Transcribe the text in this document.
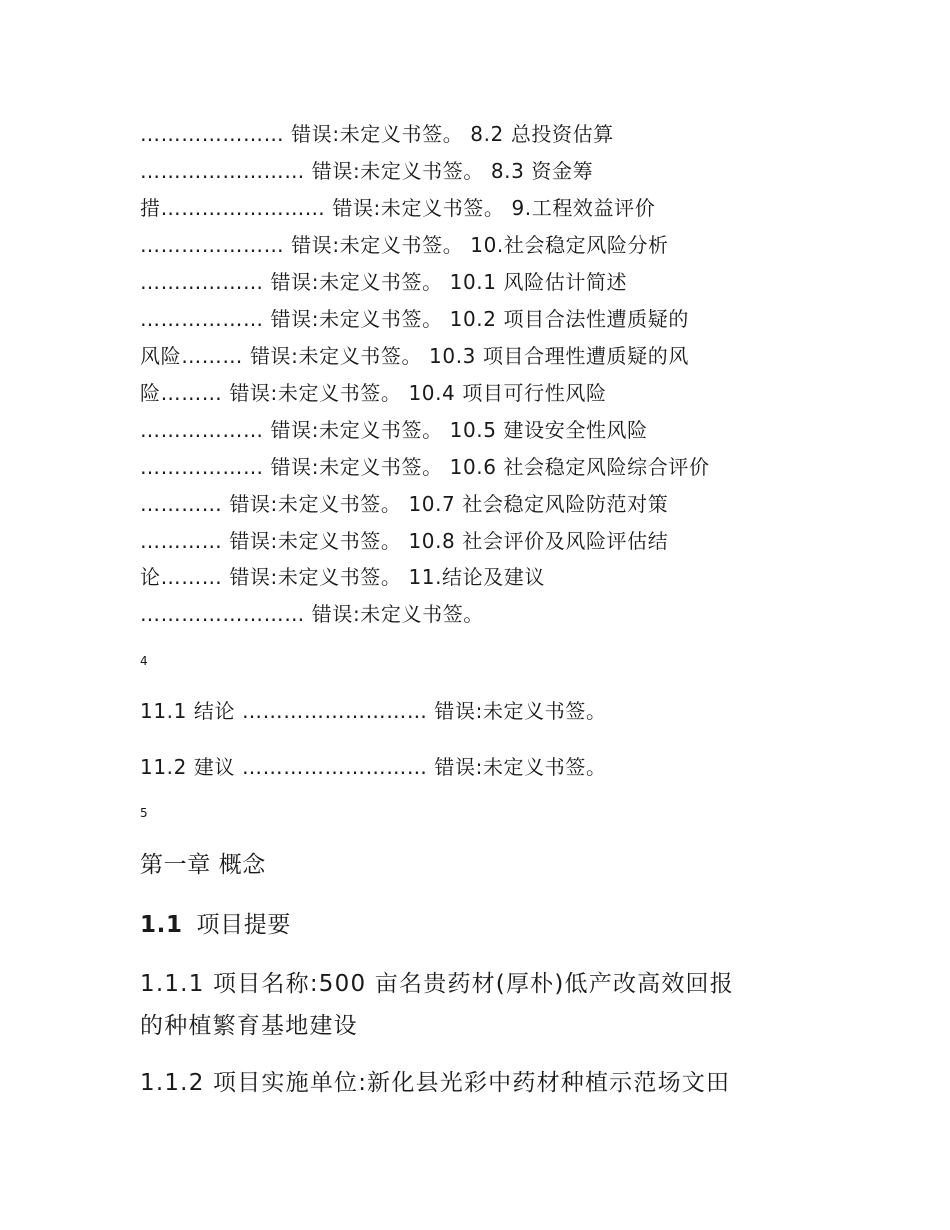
………………… 错误:未定义书签。 8.2 总投资估算
…………………… 错误:未定义书签。 8.3 资金筹
措…………………… 错误:未定义书签。 9.工程效益评价
………………… 错误:未定义书签。 10.社会稳定风险分析
……………… 错误:未定义书签。 10.1 风险估计简述
……………… 错误:未定义书签。 10.2 项目合法性遭质疑的
风险……… 错误:未定义书签。 10.3 项目合理性遭质疑的风
险……… 错误:未定义书签。 10.4 项目可行性风险
……………… 错误:未定义书签。 10.5 建设安全性风险
……………… 错误:未定义书签。 10.6 社会稳定风险综合评价
………… 错误:未定义书签。 10.7 社会稳定风险防范对策
………… 错误:未定义书签。 10.8 社会评价及风险评估结
论……… 错误:未定义书签。 11.结论及建议
…………………… 错误:未定义书签。
4
11.1 结论 ……………………… 错误:未定义书签。
11.2 建议 ……………………… 错误:未定义书签。
5
第一章 概念
1.1 项目提要
1.1.1 项目名称:500 亩名贵药材(厚朴)低产改高效回报
的种植繁育基地建设
1.1.2 项目实施单位:新化县光彩中药材种植示范场文田
